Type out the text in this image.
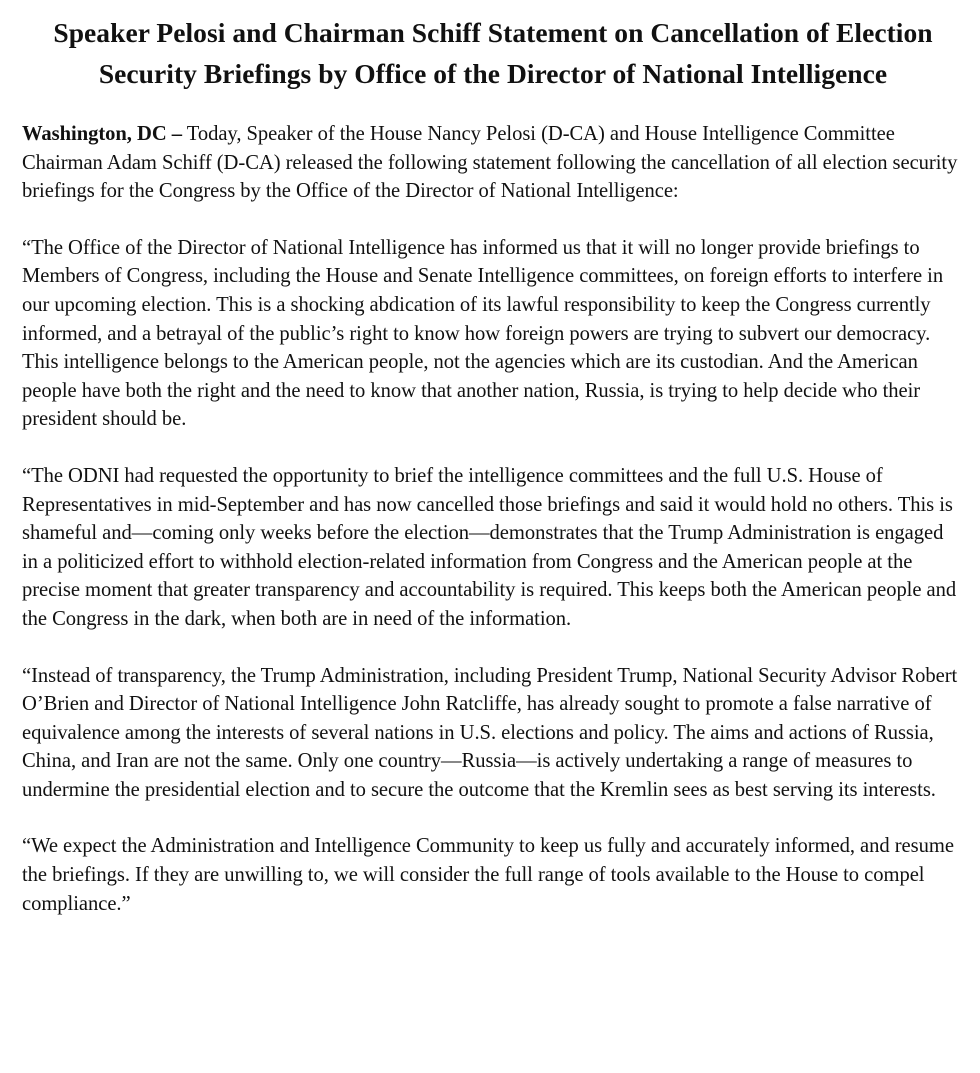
Speaker Pelosi and Chairman Schiff Statement on Cancellation of Election Security Briefings by Office of the Director of National Intelligence

Washington, DC – Today, Speaker of the House Nancy Pelosi (D-CA) and House Intelligence Committee Chairman Adam Schiff (D-CA) released the following statement following the cancellation of all election security briefings for the Congress by the Office of the Director of National Intelligence:

“The Office of the Director of National Intelligence has informed us that it will no longer provide briefings to Members of Congress, including the House and Senate Intelligence committees, on foreign efforts to interfere in our upcoming election. This is a shocking abdication of its lawful responsibility to keep the Congress currently informed, and a betrayal of the public’s right to know how foreign powers are trying to subvert our democracy. This intelligence belongs to the American people, not the agencies which are its custodian. And the American people have both the right and the need to know that another nation, Russia, is trying to help decide who their president should be.

“The ODNI had requested the opportunity to brief the intelligence committees and the full U.S. House of Representatives in mid-September and has now cancelled those briefings and said it would hold no others. This is shameful and—coming only weeks before the election—demonstrates that the Trump Administration is engaged in a politicized effort to withhold election-related information from Congress and the American people at the precise moment that greater transparency and accountability is required. This keeps both the American people and the Congress in the dark, when both are in need of the information.

“Instead of transparency, the Trump Administration, including President Trump, National Security Advisor Robert O’Brien and Director of National Intelligence John Ratcliffe, has already sought to promote a false narrative of equivalence among the interests of several nations in U.S. elections and policy. The aims and actions of Russia, China, and Iran are not the same. Only one country—Russia—is actively undertaking a range of measures to undermine the presidential election and to secure the outcome that the Kremlin sees as best serving its interests.

“We expect the Administration and Intelligence Community to keep us fully and accurately informed, and resume the briefings. If they are unwilling to, we will consider the full range of tools available to the House to compel compliance.”
